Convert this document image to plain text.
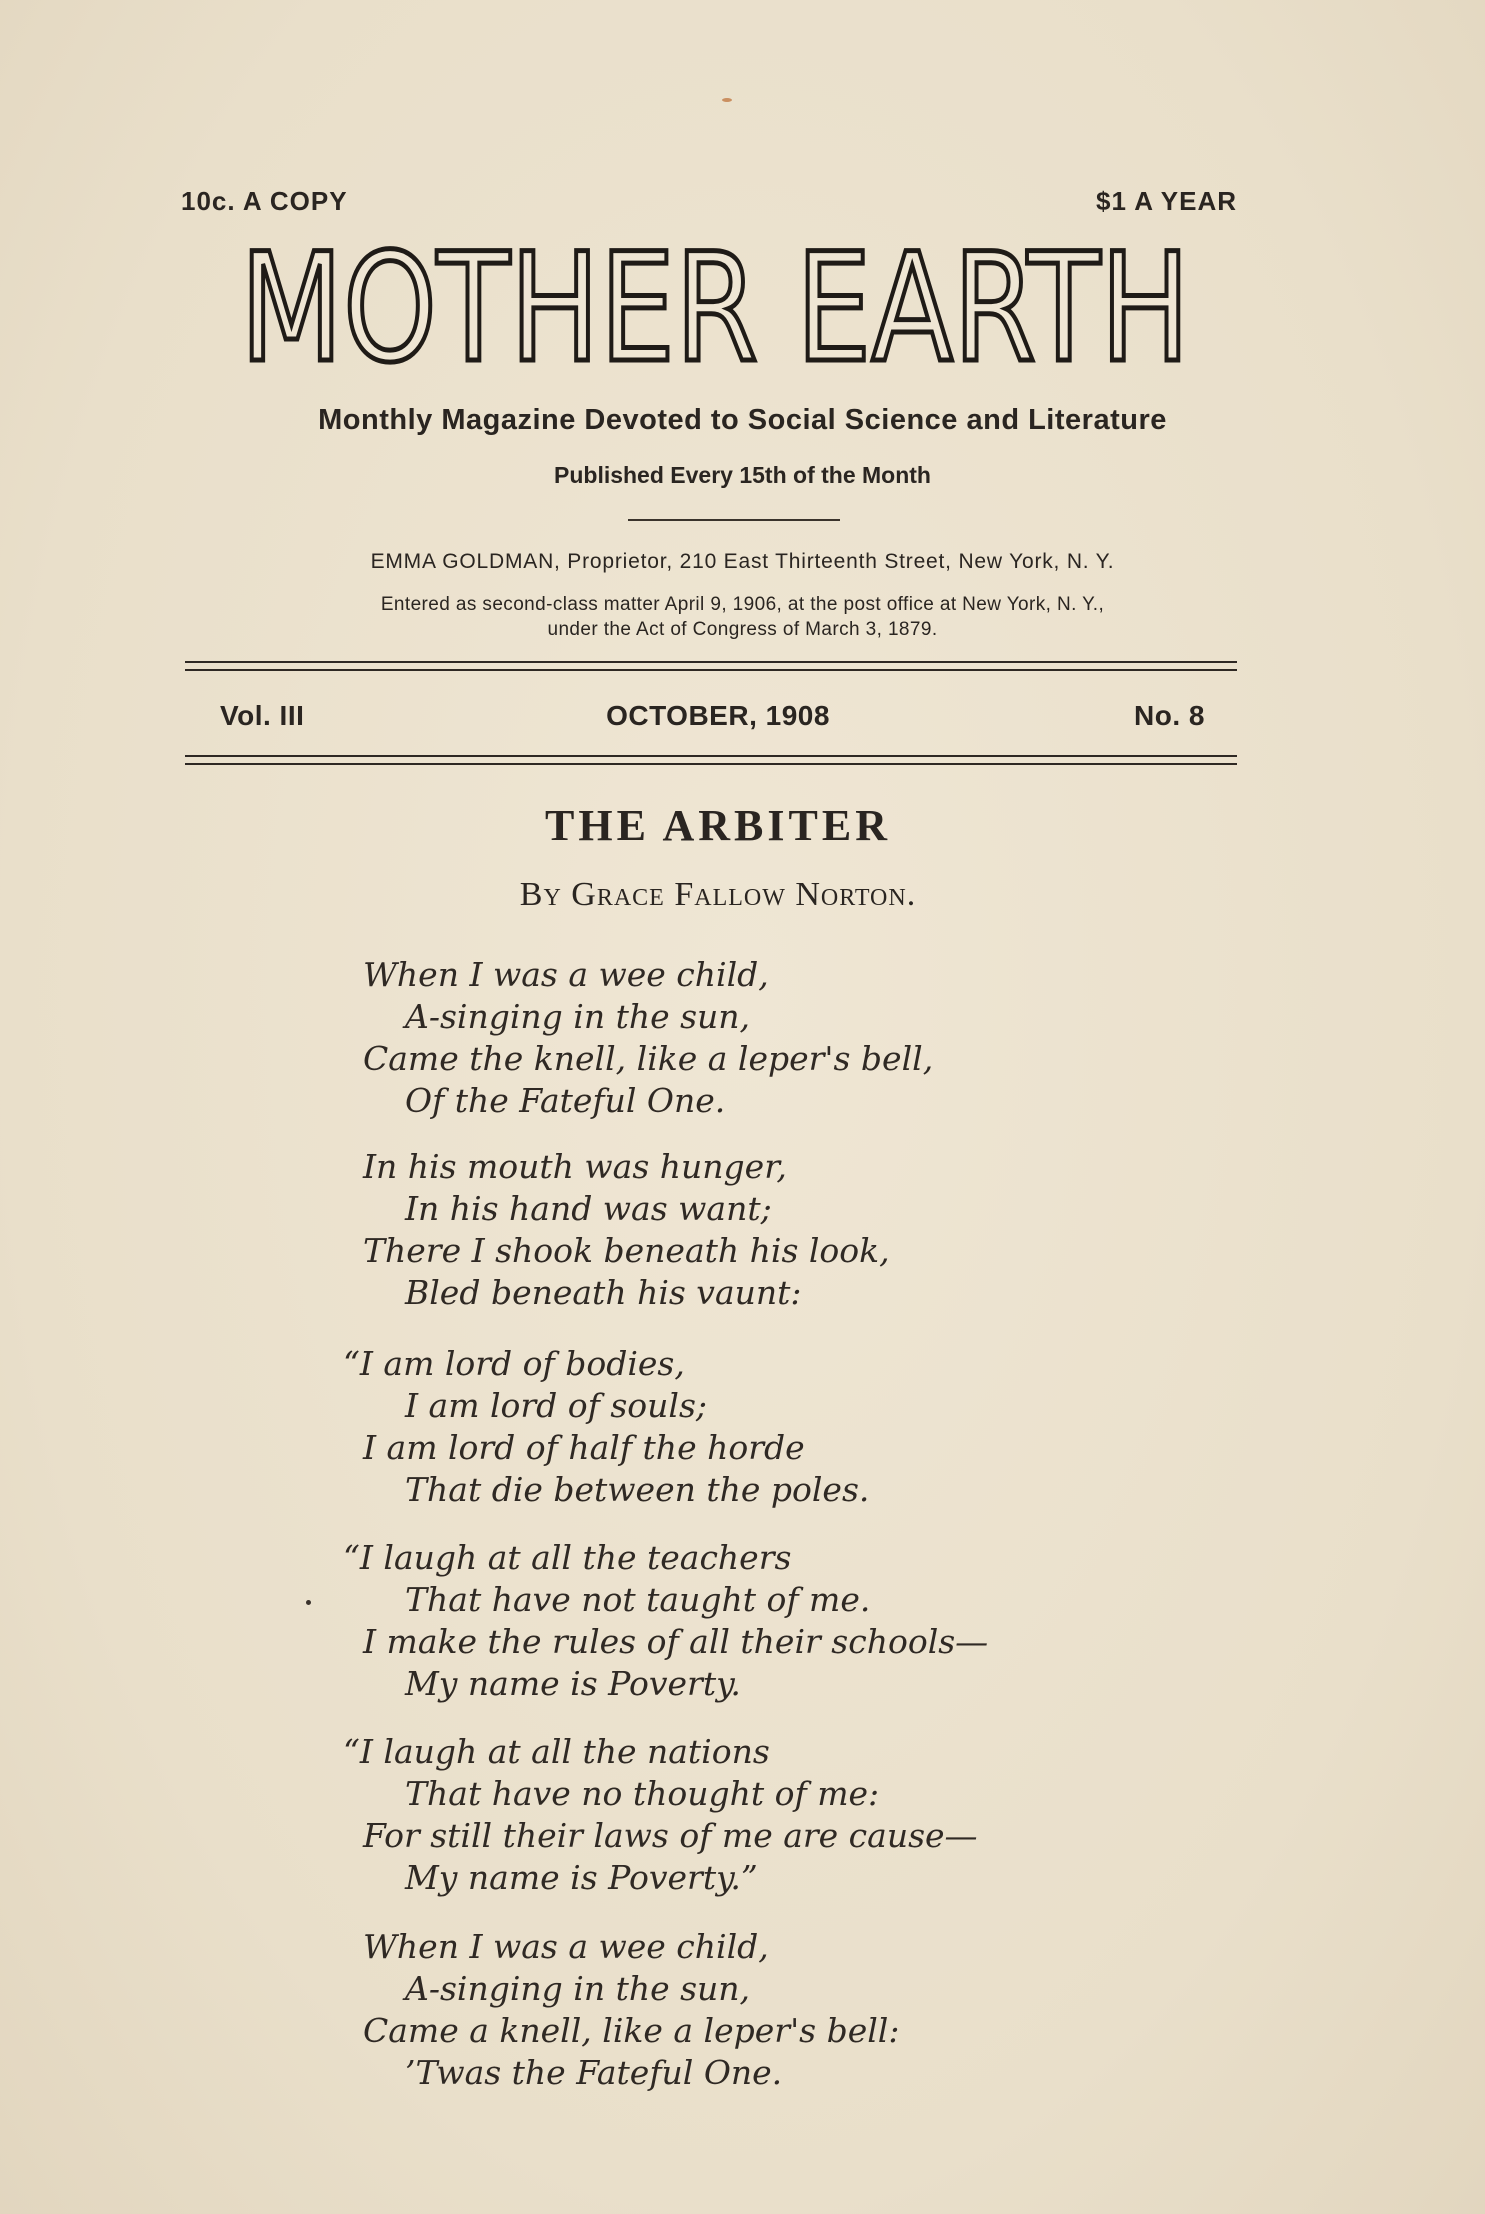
10c. A COPY	$1 A YEAR
MOTHER EARTH
Monthly Magazine Devoted to Social Science and Literature
Published Every 15th of the Month
EMMA GOLDMAN, Proprietor, 210 East Thirteenth Street, New York, N. Y.
Entered as second-class matter April 9, 1906, at the post office at New York, N. Y.,
under the Act of Congress of March 3, 1879.
Vol. III	OCTOBER, 1908	No. 8
THE ARBITER
By Grace Fallow Norton.
When I was a wee child,
A-singing in the sun,
Came the knell, like a leper's bell,
Of the Fateful One.
In his mouth was hunger,
In his hand was want;
There I shook beneath his look,
Bled beneath his vaunt:
“I am lord of bodies,
I am lord of souls;
I am lord of half the horde
That die between the poles.
“I laugh at all the teachers
That have not taught of me.
I make the rules of all their schools—
My name is Poverty.
“I laugh at all the nations
That have no thought of me:
For still their laws of me are cause—
My name is Poverty.”
When I was a wee child,
A-singing in the sun,
Came a knell, like a leper's bell:
’Twas the Fateful One.
